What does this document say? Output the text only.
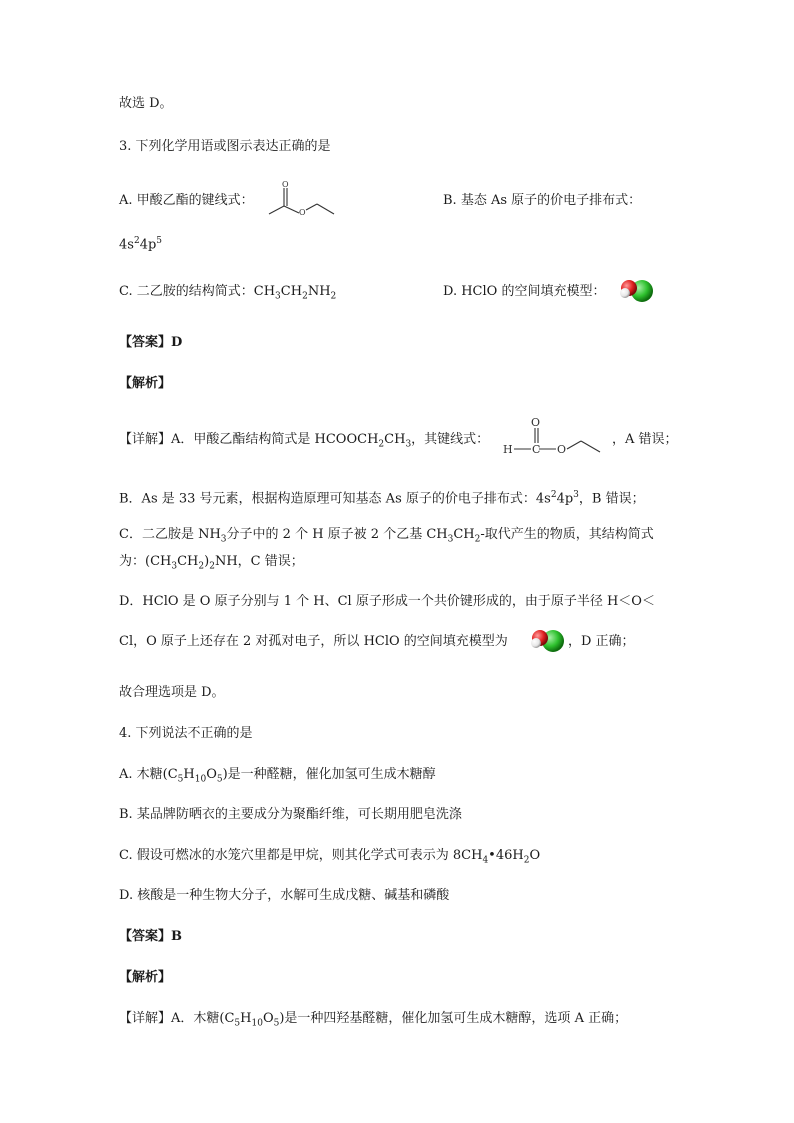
故选 D。
3. 下列化学用语或图示表达正确的是
A. 甲酸乙酯的键线式：
O
O
B. 基态 As 原子的价电子排布式：
$4s^24p^5$
C. 二乙胺的结构简式：$CH_3CH_2NH_2$	D. HClO 的空间填充模型：
【答案】D
【解析】
【详解】A．甲酸乙酯结构简式是 $HCOOCH_2CH_3$，其键线式：
H C
O
O
，A 错误；
B．As 是 33 号元素，根据构造原理可知基态 As 原子的价电子排布式：$4s^24p^3$，B 错误；
C．二乙胺是 $NH_3$分子中的 2 个 H 原子被 2 个乙基 $CH_3CH_2-$取代产生的物质，其结构简式
为：$(CH_3CH_2)_2NH$，C 错误；
D．HClO 是 O 原子分别与 1 个 H、Cl 原子形成一个共价键形成的，由于原子半径 H＜O＜
Cl，O 原子上还存在 2 对孤对电子，所以 HClO 的空间填充模型为	，D 正确；
故合理选项是 D。
4. 下列说法不正确的是
A. 木糖$(C_5H_{10}O_5)$是一种醛糖，催化加氢可生成木糖醇
B. 某品牌防晒衣的主要成分为聚酯纤维，可长期用肥皂洗涤
C. 假设可燃冰的水笼穴里都是甲烷，则其化学式可表示为 $8CH_4•46H_2O$
D. 核酸是一种生物大分子，水解可生成戊糖、碱基和磷酸
【答案】B
【解析】
【详解】A．木糖$(C_5H_{10}O_5)$是一种四羟基醛糖，催化加氢可生成木糖醇，选项 A 正确；
